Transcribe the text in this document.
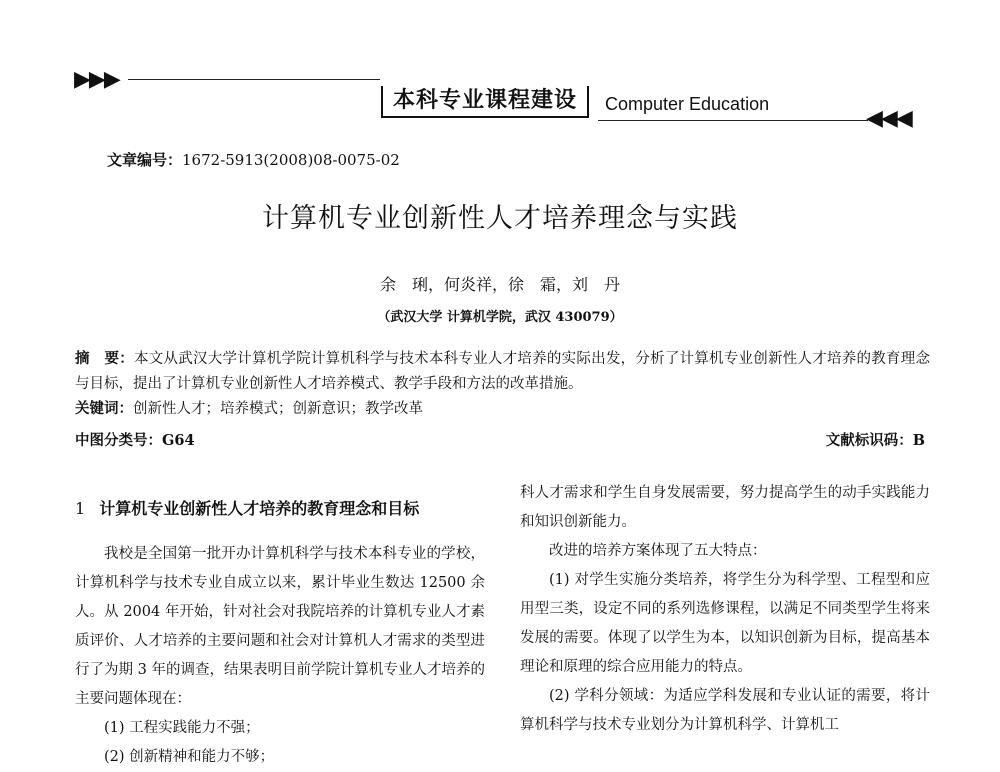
▶▶▶
本科专业课程建设	Computer Education
◀◀◀
文章编号：1672-5913(2008)08-0075-02
计算机专业创新性人才培养理念与实践
余　琍，何炎祥，徐　霜，刘　丹
（武汉大学 计算机学院，武汉 430079）
摘　要：本文从武汉大学计算机学院计算机科学与技术本科专业人才培养的实际出发，分析了计算机专业创新性人才培养的教育理念与目标，提出了计算机专业创新性人才培养模式、教学手段和方法的改革措施。
关键词：创新性人才；培养模式；创新意识；教学改革
中图分类号：G64	文献标识码：B
1 计算机专业创新性人才培养的教育理念和目标

我校是全国第一批开办计算机科学与技术本科专业的学校，计算机科学与技术专业自成立以来，累计毕业生数达 12500 余人。从 2004 年开始，针对社会对我院培养的计算机专业人才素质评价、人才培养的主要问题和社会对计算机人才需求的类型进行了为期 3 年的调查，结果表明目前学院计算机专业人才培养的主要问题体现在：

(1) 工程实践能力不强；

(2) 创新精神和能力不够；

科人才需求和学生自身发展需要，努力提高学生的动手实践能力和知识创新能力。

改进的培养方案体现了五大特点：

(1) 对学生实施分类培养，将学生分为科学型、工程型和应用型三类，设定不同的系列选修课程，以满足不同类型学生将来发展的需要。体现了以学生为本，以知识创新为目标，提高基本理论和原理的综合应用能力的特点。

(2) 学科分领域：为适应学科发展和专业认证的需要，将计算机科学与技术专业划分为计算机科学、计算机工
